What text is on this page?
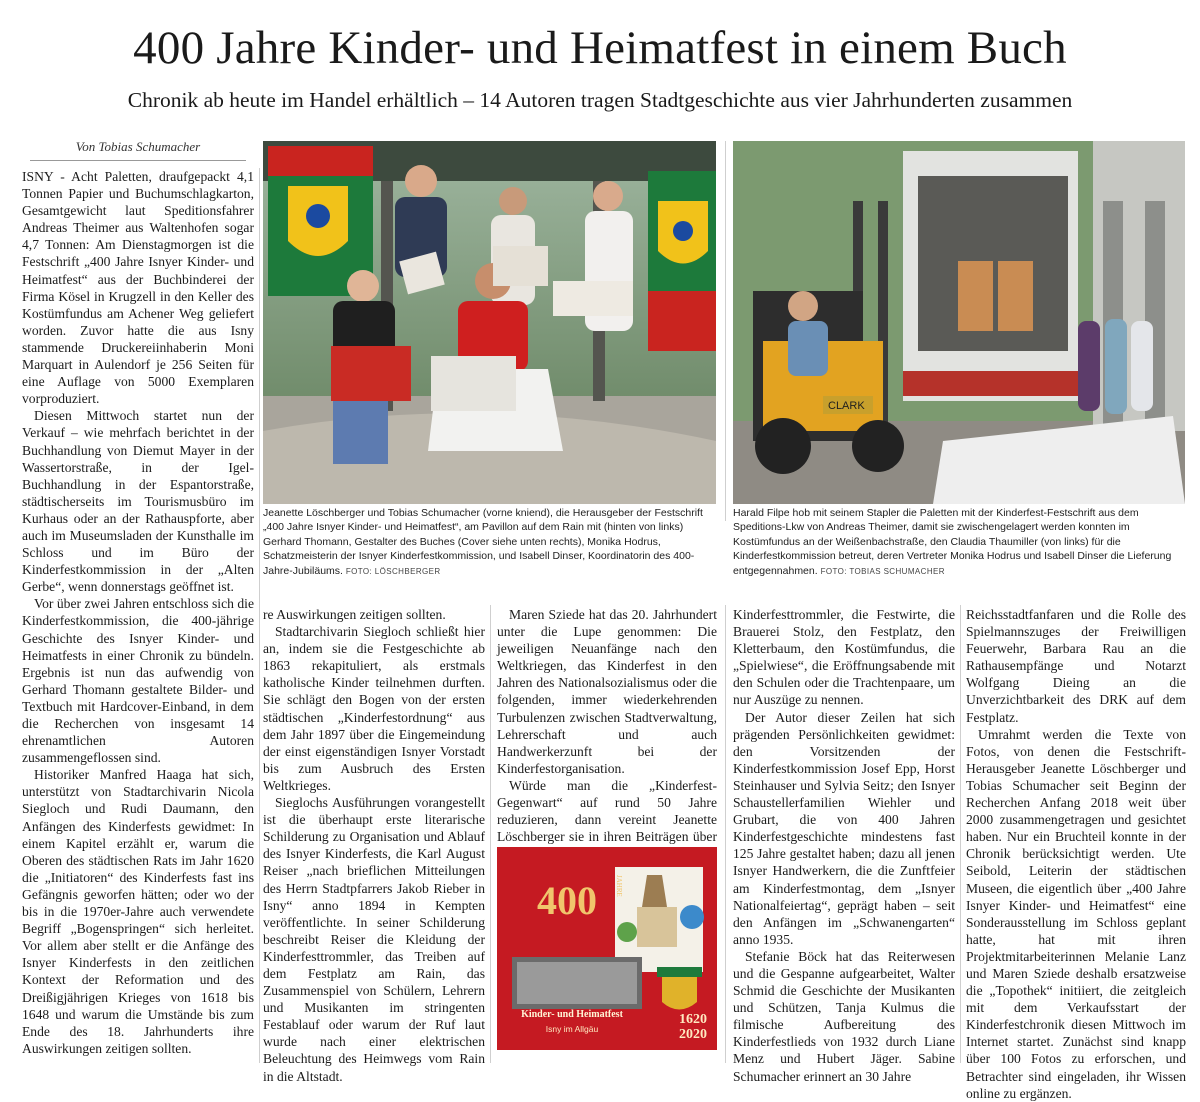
400 Jahre Kinder- und Heimatfest in einem Buch
Chronik ab heute im Handel erhältlich – 14 Autoren tragen Stadtgeschichte aus vier Jahrhunderten zusammen
Von Tobias Schumacher

ISNY - Acht Paletten, draufgepackt 4,1 Tonnen Papier und Buchumschlagkarton, Gesamtgewicht laut Speditionsfahrer Andreas Theimer aus Waltenhofen sogar 4,7 Tonnen: Am Dienstagmorgen ist die Festschrift „400 Jahre Isnyer Kinder- und Heimatfest“ aus der Buchbinderei der Firma Kösel in Krugzell in den Keller des Kostümfundus am Achener Weg geliefert worden. Zuvor hatte die aus Isny stammende Druckereiinhaberin Moni Marquart in Aulendorf je 256 Seiten für eine Auflage von 5000 Exemplaren vorproduziert.

Diesen Mittwoch startet nun der Verkauf – wie mehrfach berichtet in der Buchhandlung von Diemut Mayer in der Wassertorstraße, in der Igel-Buchhandlung in der Espantorstraße, städtischerseits im Tourismusbüro im Kurhaus oder an der Rathauspforte, aber auch im Museumsladen der Kunsthalle im Schloss und im Büro der Kinderfestkommission in der „Alten Gerbe“, wenn donnerstags geöffnet ist.

Vor über zwei Jahren entschloss sich die Kinderfestkommission, die 400-jährige Geschichte des Isnyer Kinder- und Heimatfests in einer Chronik zu bündeln. Ergebnis ist nun das aufwendig von Gerhard Thomann gestaltete Bilder- und Textbuch mit Hardcover-Einband, in dem die Recherchen von insgesamt 14 ehrenamtlichen Autoren zusammengeflossen sind.

Historiker Manfred Haaga hat sich, unterstützt von Stadtarchivarin Nicola Siegloch und Rudi Daumann, den Anfängen des Kinderfests gewidmet: In einem Kapitel erzählt er, warum die Oberen des städtischen Rats im Jahr 1620 die „Initiatoren“ des Kinderfests fast ins Gefängnis geworfen hätten; oder wo der bis in die 1970er-Jahre auch verwendete Begriff „Bogenspringen“ sich herleitet. Vor allem aber stellt er die Anfänge des Isnyer Kinderfests in den zeitlichen Kontext der Reformation und des Dreißigjährigen Krieges von 1618 bis 1648 und warum die Umstände bis zum Ende des 18. Jahrhunderts ihre Auswirkungen zeitigen sollten.

CLARK
Jeanette Löschberger und Tobias Schumacher (vorne kniend), die Herausgeber der Festschrift „400 Jahre Isnyer Kinder- und Heimatfest“, am Pavillon auf dem Rain mit (hinten von links) Gerhard Thomann, Gestalter des Buches (Cover siehe unten rechts), Monika Hodrus, Schatzmeisterin der Isnyer Kinderfestkommission, und Isabell Dinser, Koordinatorin des 400-Jahre-Jubiläums. FOTO: LÖSCHBERGER
Harald Filpe hob mit seinem Stapler die Paletten mit der Kinderfest-Festschrift aus dem Speditions-Lkw von Andreas Theimer, damit sie zwischengelagert werden konnten im Kostümfundus an der Weißenbachstraße, den Claudia Thaumiller (von links) für die Kinderfestkommission betreut, deren Vertreter Monika Hodrus und Isabell Dinser die Lieferung entgegennahmen. FOTO: TOBIAS SCHUMACHER

re Auswirkungen zeitigen sollten.

Stadtarchivarin Siegloch schließt hier an, indem sie die Festgeschichte ab 1863 rekapituliert, als erstmals katholische Kinder teilnehmen durften. Sie schlägt den Bogen von der ersten städtischen „Kinderfestordnung“ aus dem Jahr 1897 über die Eingemeindung der einst eigenständigen Isnyer Vorstadt bis zum Ausbruch des Ersten Weltkrieges.

Sieglochs Ausführungen vorangestellt ist die überhaupt erste literarische Schilderung zu Organisation und Ablauf des Isnyer Kinderfests, die Karl August Reiser „nach brieflichen Mitteilungen des Herrn Stadtpfarrers Jakob Rieber in Isny“ anno 1894 in Kempten veröffentlichte. In seiner Schilderung beschreibt Reiser die Kleidung der Kinderfesttrommler, das Treiben auf dem Festplatz am Rain, das Zusammenspiel von Schülern, Lehrern und Musikanten im stringenten Festablauf oder warum der Ruf laut wurde nach einer elektrischen Beleuchtung des Heimwegs vom Rain in die Altstadt.

Maren Sziede hat das 20. Jahrhundert unter die Lupe genommen: Die jeweiligen Neuanfänge nach den Weltkriegen, das Kinderfest in den Jahren des Nationalsozialismus oder die folgenden, immer wiederkehrenden Turbulenzen zwischen Stadtverwaltung, Lehrerschaft und auch Handwerkerzunft bei der Kinderfestorganisation.

Würde man die „Kinderfest-Gegenwart“ auf rund 50 Jahre reduzieren, dann vereint Jeanette Löschberger sie in ihren Beiträgen über

400	JAHRE
Kinder- und Heimatfest
Isny im Allgäu
1620
2020

Kinderfesttrommler, die Festwirte, die Brauerei Stolz, den Festplatz, den Kletterbaum, den Kostümfundus, die „Spielwiese“, die Eröffnungsabende mit den Schulen oder die Trachtenpaare, um nur Auszüge zu nennen.

Der Autor dieser Zeilen hat sich prägenden Persönlichkeiten gewidmet: den Vorsitzenden der Kinderfestkommission Josef Epp, Horst Steinhauser und Sylvia Seitz; den Isnyer Schaustellerfamilien Wiehler und Grubart, die von 400 Jahren Kinderfestgeschichte mindestens fast 125 Jahre gestaltet haben; dazu all jenen Isnyer Handwerkern, die die Zunftfeier am Kinderfestmontag, dem „Isnyer Nationalfeiertag“, geprägt haben – seit den Anfängen im „Schwanengarten“ anno 1935.

Stefanie Böck hat das Reiterwesen und die Gespanne aufgearbeitet, Walter Schmid die Geschichte der Musikanten und Schützen, Tanja Kulmus die filmische Aufbereitung des Kinderfestlieds von 1932 durch Liane Menz und Hubert Jäger. Sabine Schumacher erinnert an 30 Jahre

Reichsstadtfanfaren und die Rolle des Spielmannszuges der Freiwilligen Feuerwehr, Barbara Rau an die Rathausempfänge und Notarzt Wolfgang Dieing an die Unverzichtbarkeit des DRK auf dem Festplatz.

Umrahmt werden die Texte von Fotos, von denen die Festschrift-Herausgeber Jeanette Löschberger und Tobias Schumacher seit Beginn der Recherchen Anfang 2018 weit über 2000 zusammengetragen und gesichtet haben. Nur ein Bruchteil konnte in der Chronik berücksichtigt werden. Ute Seibold, Leiterin der städtischen Museen, die eigentlich über „400 Jahre Isnyer Kinder- und Heimatfest“ eine Sonderausstellung im Schloss geplant hatte, hat mit ihren Projektmitarbeiterinnen Melanie Lanz und Maren Sziede deshalb ersatzweise die „Topothek“ initiiert, die zeitgleich mit dem Verkaufsstart der Kinderfestchronik diesen Mittwoch im Internet startet. Zunächst sind knapp über 100 Fotos zu erforschen, und Betrachter sind eingeladen, ihr Wissen online zu ergänzen.
